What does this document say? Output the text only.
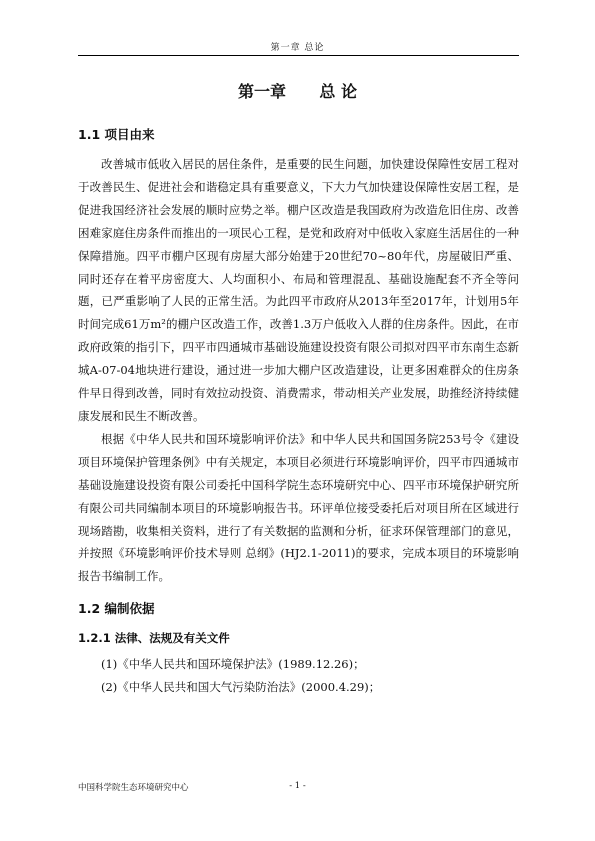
第一章 总论
第一章      总 论
1.1 项目由来

改善城市低收入居民的居住条件，是重要的民生问题，加快建设保障性安居工程对于改善民生、促进社会和谐稳定具有重要意义，下大力气加快建设保障性安居工程，是促进我国经济社会发展的顺时应势之举。棚户区改造是我国政府为改造危旧住房、改善困难家庭住房条件而推出的一项民心工程，是党和政府对中低收入家庭生活居住的一种保障措施。四平市棚户区现有房屋大部分始建于20世纪70~80年代，房屋破旧严重、同时还存在着平房密度大、人均面积小、布局和管理混乱、基础设施配套不齐全等问题，已严重影响了人民的正常生活。为此四平市政府从2013年至2017年，计划用5年时间完成61万m²的棚户区改造工作，改善1.3万户低收入人群的住房条件。因此，在市政府政策的指引下，四平市四通城市基础设施建设投资有限公司拟对四平市东南生态新城A-07-04地块进行建设，通过进一步加大棚户区改造建设，让更多困难群众的住房条件早日得到改善，同时有效拉动投资、消费需求，带动相关产业发展，助推经济持续健康发展和民生不断改善。

根据《中华人民共和国环境影响评价法》和中华人民共和国国务院253号令《建设项目环境保护管理条例》中有关规定，本项目必须进行环境影响评价，四平市四通城市基础设施建设投资有限公司委托中国科学院生态环境研究中心、四平市环境保护研究所有限公司共同编制本项目的环境影响报告书。环评单位接受委托后对项目所在区域进行现场踏勘，收集相关资料，进行了有关数据的监测和分析，征求环保管理部门的意见，并按照《环境影响评价技术导则 总纲》(HJ2.1-2011)的要求，完成本项目的环境影响报告书编制工作。

1.2 编制依据
1.2.1 法律、法规及有关文件
(1)《中华人民共和国环境保护法》(1989.12.26)；
(2)《中华人民共和国大气污染防治法》(2000.4.29)；
中国科学院生态环境研究中心	- 1 -
